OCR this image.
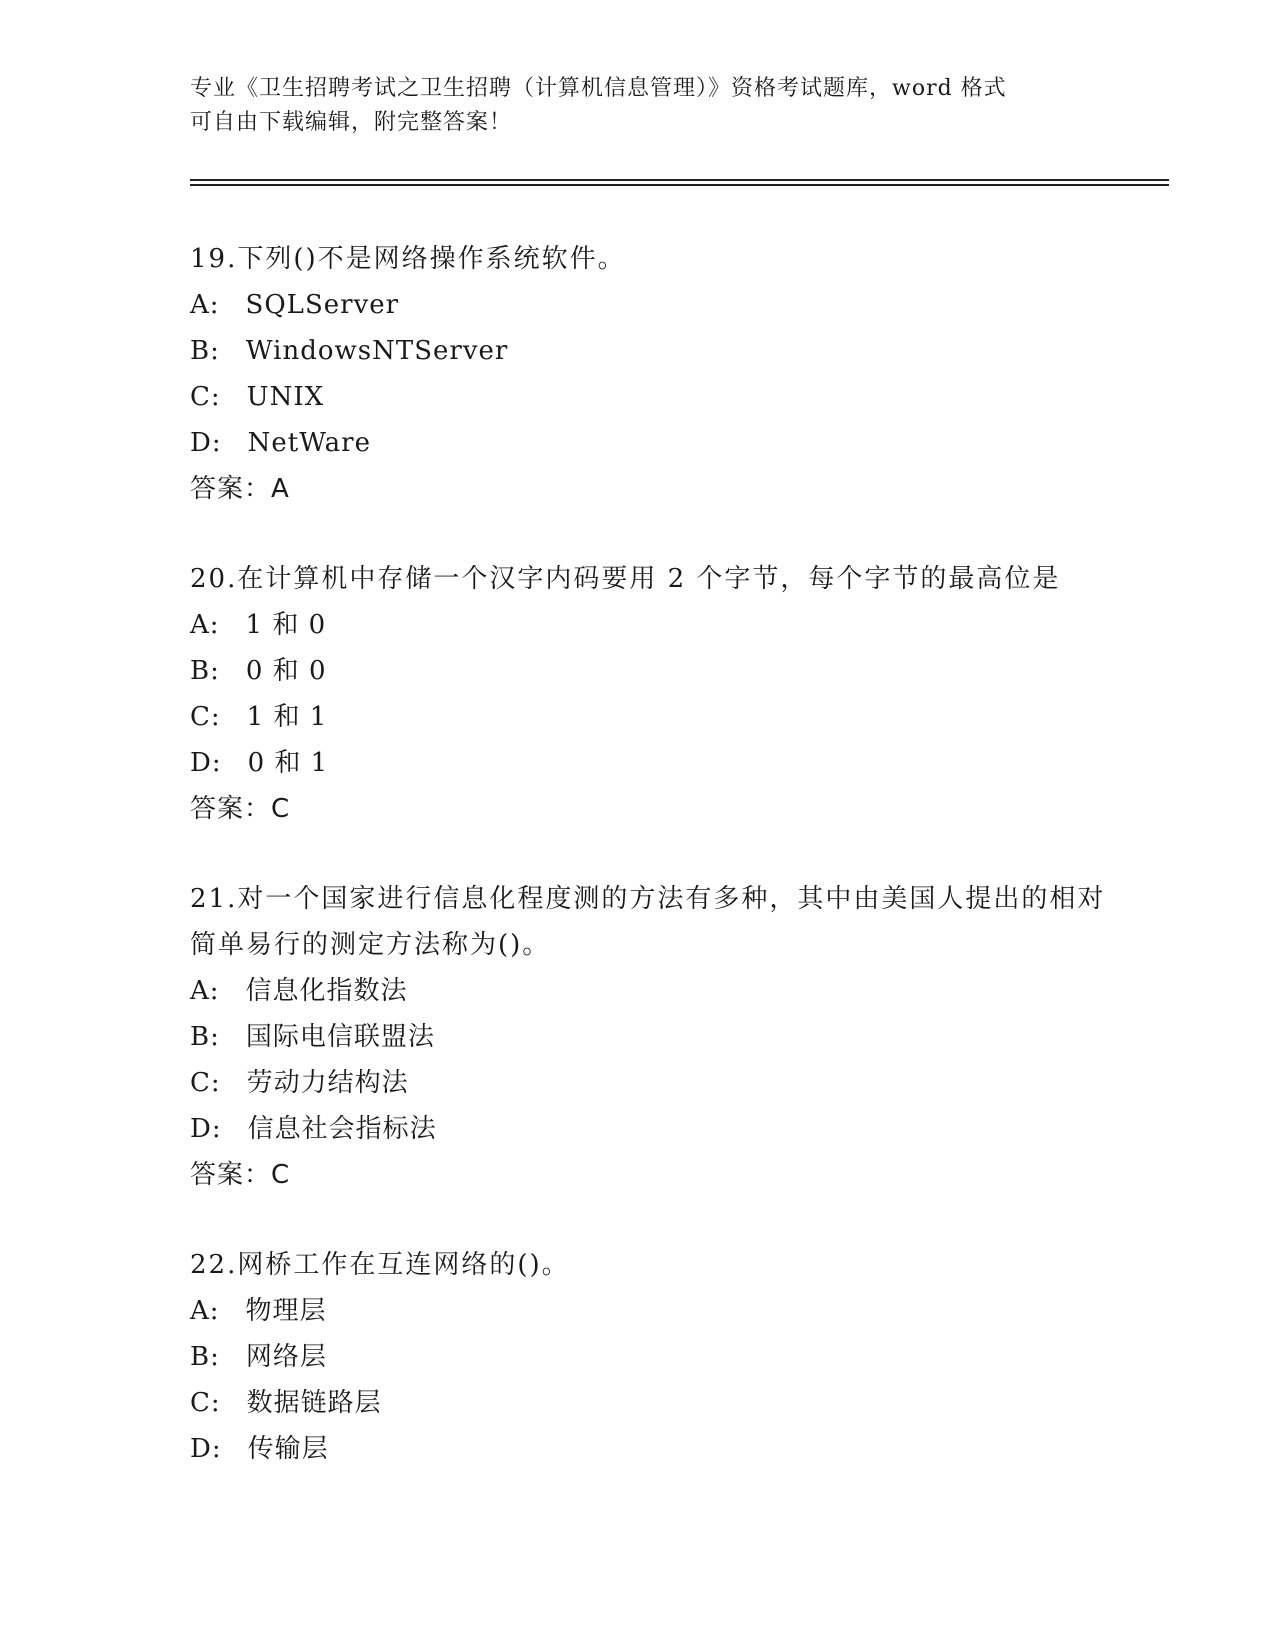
专业《卫生招聘考试之卫生招聘（计算机信息管理）》资格考试题库，word 格式
可自由下载编辑，附完整答案！
19.下列()不是网络操作系统软件。
A: SQLServer
B: WindowsNTServer
C: UNIX
D: NetWare
答案：A
20.在计算机中存储一个汉字内码要用 2 个字节，每个字节的最高位是
A: 1 和 0
B: 0 和 0
C: 1 和 1
D: 0 和 1
答案：C
21.对一个国家进行信息化程度测的方法有多种，其中由美国人提出的相对简单易行的测定方法称为()。
A: 信息化指数法
B: 国际电信联盟法
C: 劳动力结构法
D: 信息社会指标法
答案：C
22.网桥工作在互连网络的()。
A: 物理层
B: 网络层
C: 数据链路层
D: 传输层
